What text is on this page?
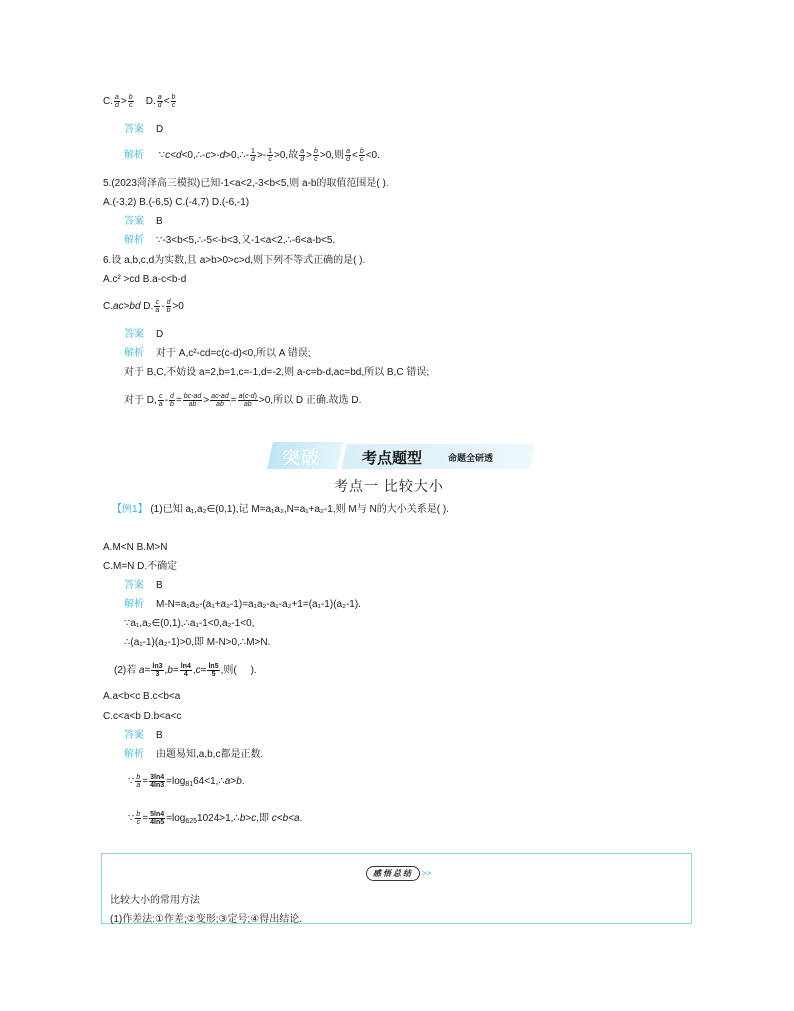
C. $\frac{a}{d} > \frac{b}{c} D$. $\frac{a}{d} < \frac{b}{c}$
答案 D
解析 ∵c<d<0,∴-c>-d>0,∴- $\frac{1}{d} >- \frac{1}{c} >0$,故 $\frac{a}{d} > \frac{b}{c} >0$,则 $\frac{a}{d} < \frac{b}{c} <0$.
5.(2023菏泽高三模拟)已知-1<a<2,-3<b<5,则 a-b的取值范围是( ).
A.(-3,2) B.(-6,5) C.(-4,7) D.(-6,-1)
答案 B
解析 ∵-3<b<5,∴-5<-b<3,又-1<a<2,∴-6<a-b<5.
6.设 a,b,c,d为实数,且 a>b>0>c>d,则下列不等式正确的是( ).
A.c² >cd B.a-c<b-d
C.ac>bd D. $\frac{c}{a} - \frac{d}{b} >0$
答案 D
解析 对于 A,c²-cd=c(c-d)<0,所以 A 错误;
对于 B,C,不妨设 a=2,b=1,c=-1,d=-2,则 a-c=b-d,ac=bd,所以 B,C 错误;
对于 D, $\frac{c}{a} - \frac{d}{b} = \frac{bc-ad}{ab} > \frac{ac-ad}{ab} = \frac{a(c-d)}{ab} >0$,所以 D 正确.故选 D.
突破	考点题型	命题全研透
考点一 比较大小
【例1】 (1)已知 a₁,a₂∈(0,1),记 M=a₁a₂,N=a₁+a₂-1,则 M与 N的大小关系是( ).
A.M<N B.M>N
C.M=N D.不确定
答案 B
解析 M-N=a₁a₂-(a₁+a₂-1)=a₁a₂-a₁-a₂+1=(a₁-1)(a₂-1).
∵a₁,a₂∈(0,1),∴a₁-1<0,a₂-1<0,
∴(a₁-1)(a₂-1)>0,即 M-N>0,∴M>N.
(2)若 $a= \frac{\ln 3}{3} ,b= \frac{\ln 4}{4} ,c= \frac{\ln 5}{5}$ ,则(     ).
A.a<b<c B.c<b<a
C.c<a<b D.b<a<c
答案 B
解析 由题易知,a,b,c都是正数.
∵ $\frac{b}{a} = \frac{3\ln 4}{4\ln 3}$ $=\log_{81}64<1,\therefore a>b$.
∵ $\frac{b}{c} = \frac{5\ln 4}{4\ln 5}$ $=\log_{625}1024>1,\therefore b>c$,即 c<b<a.
感悟总结 >>
比较大小的常用方法
(1)作差法:①作差;②变形;③定号;④得出结论.
